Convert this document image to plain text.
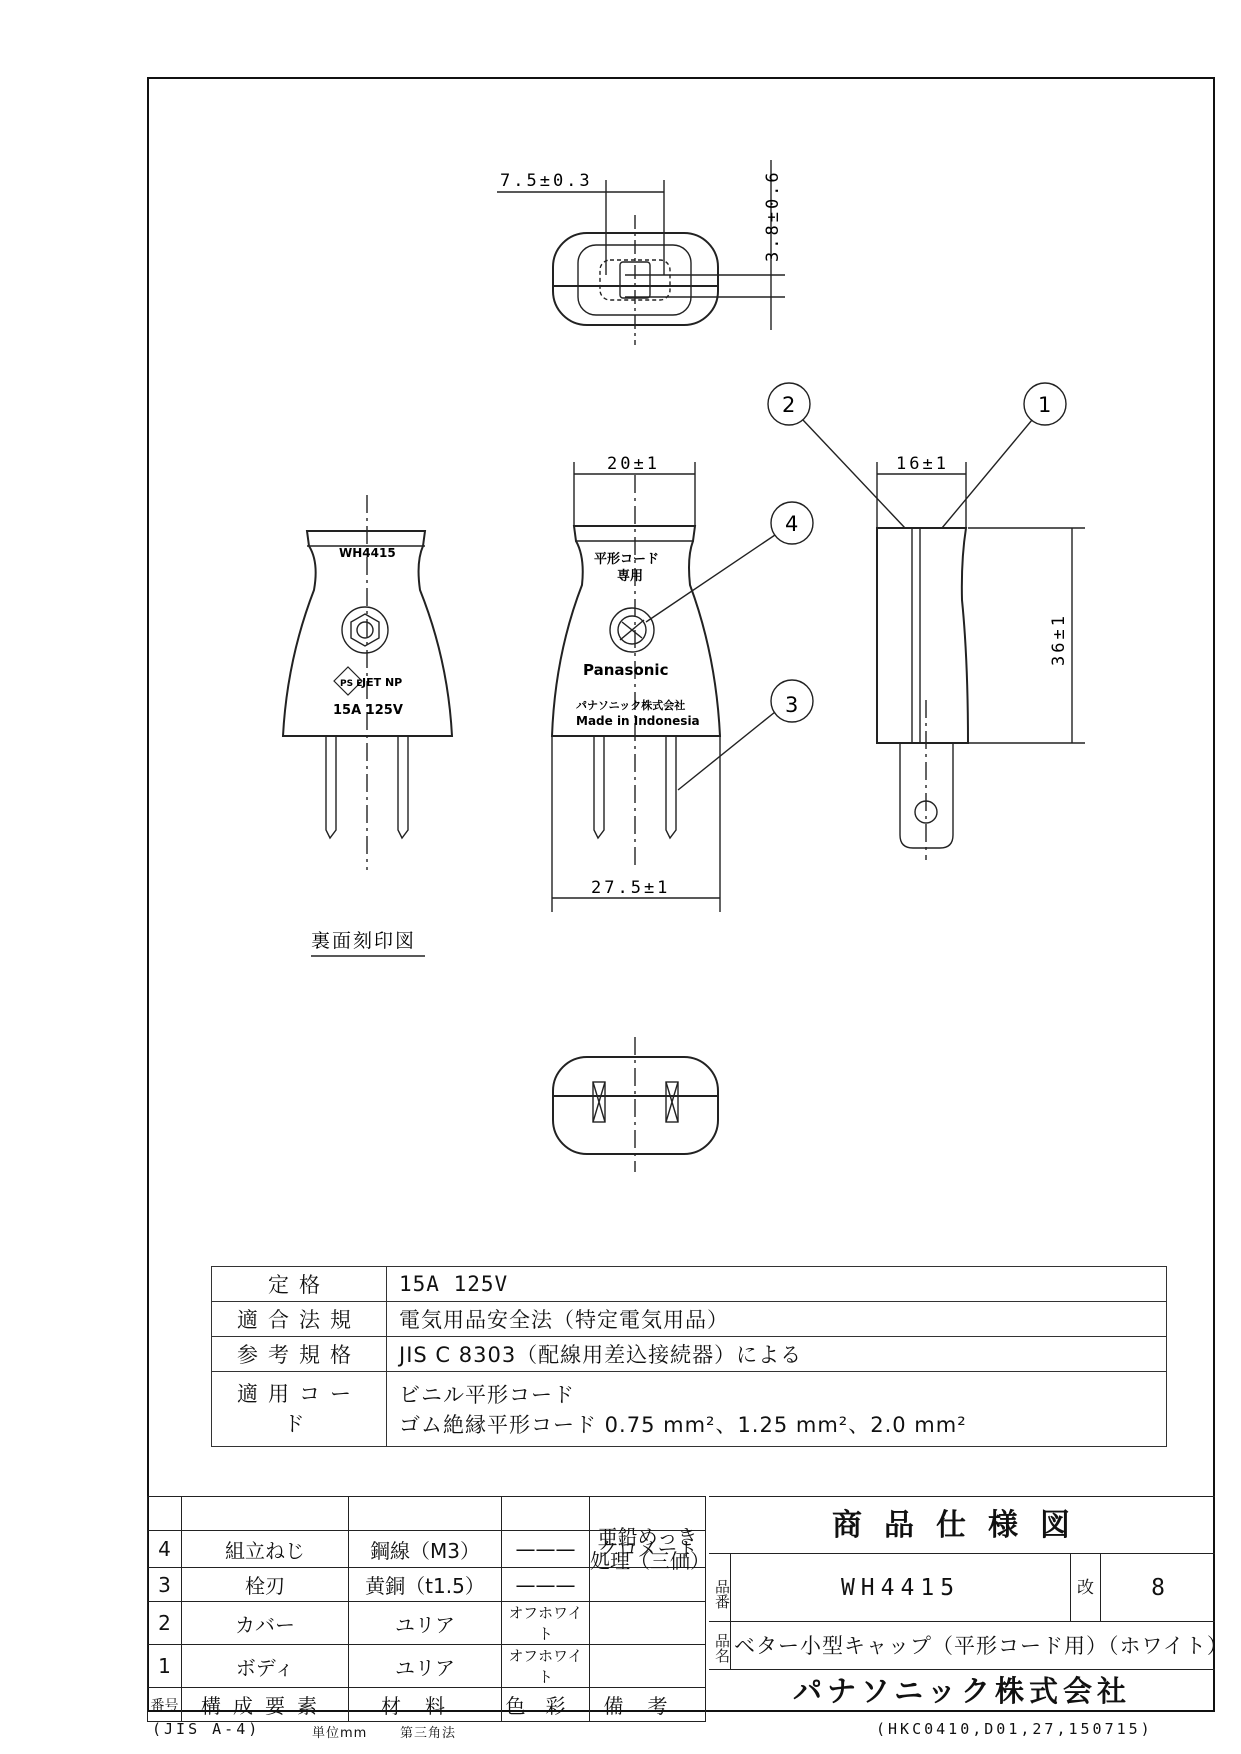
7.5±0.3	3.8±0.6
20±1
27.5±1
16±1
36±1
1
2
3
4
WH4415
PS E JET NP
15A 125V
裏面刻印図
平形コード
専用
Panasonic
パナソニック株式会社
Made in Indonesia
定格	15A 125V
適合法規	電気用品安全法（特定電気用品）
参考規格	JIS C 8303（配線用差込接続器）による
適用コード	ビニル平形コード
ゴム絶縁平形コード 0.75 mm²、1.25 mm²、2.0 mm²

4	組立ねじ	鋼線（M3）	———	亜鉛めっき クロメート処理（三価）
3	栓刃	黄銅（t1.5）	———	
2	カバー	ユリア	オフホワイト	
1	ボディ	ユリア	オフホワイト	
番号	構成要素	材料	色彩	備考
商品仕様図
品番	WH4415	改	8
品名 ベター小型キャップ（平形コード用）（ホワイト）
パナソニック株式会社
(JIS A-4)	単位mm	第三角法	(HKC0410,D01,27,150715)
